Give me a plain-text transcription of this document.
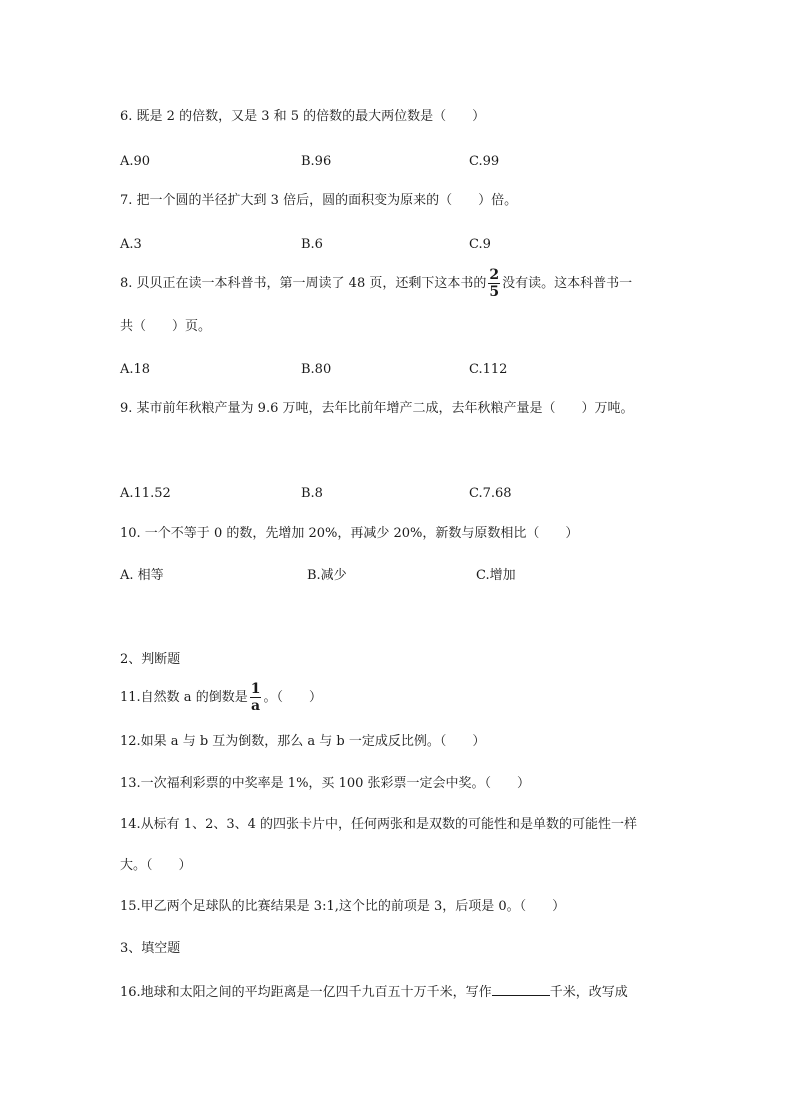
6. 既是 2 的倍数，又是 3 和 5 的倍数的最大两位数是（　　）
A.90	B.96	C.99
7. 把一个圆的半径扩大到 3 倍后，圆的面积变为原来的（　　）倍。
A.3	B.6	C.9
8. 贝贝正在读一本科普书，第一周读了 48 页，还剩下这本书的 $\frac{2}{5}$ 没有读。这本科普书一
共（　　）页。
A.18	B.80	C.112
9. 某市前年秋粮产量为 9.6 万吨，去年比前年增产二成，去年秋粮产量是（　　）万吨。
A.11.52	B.8	C.7.68
10. 一个不等于 0 的数，先增加 20%，再减少 20%，新数与原数相比（　　）
A. 相等	B.减少	C.增加
2、判断题
11.自然数 a 的倒数是 $\frac{1}{a}$ 。（　　）
12.如果 a 与 b 互为倒数，那么 a 与 b 一定成反比例。（　　）
13.一次福利彩票的中奖率是 1%，买 100 张彩票一定会中奖。（　　）
14.从标有 1、2、3、4 的四张卡片中，任何两张和是双数的可能性和是单数的可能性一样
大。（　　）
15.甲乙两个足球队的比赛结果是 3:1,这个比的前项是 3，后项是 0。（　　）
3、填空题
16.地球和太阳之间的平均距离是一亿四千九百五十万千米，写作	千米，改写成
